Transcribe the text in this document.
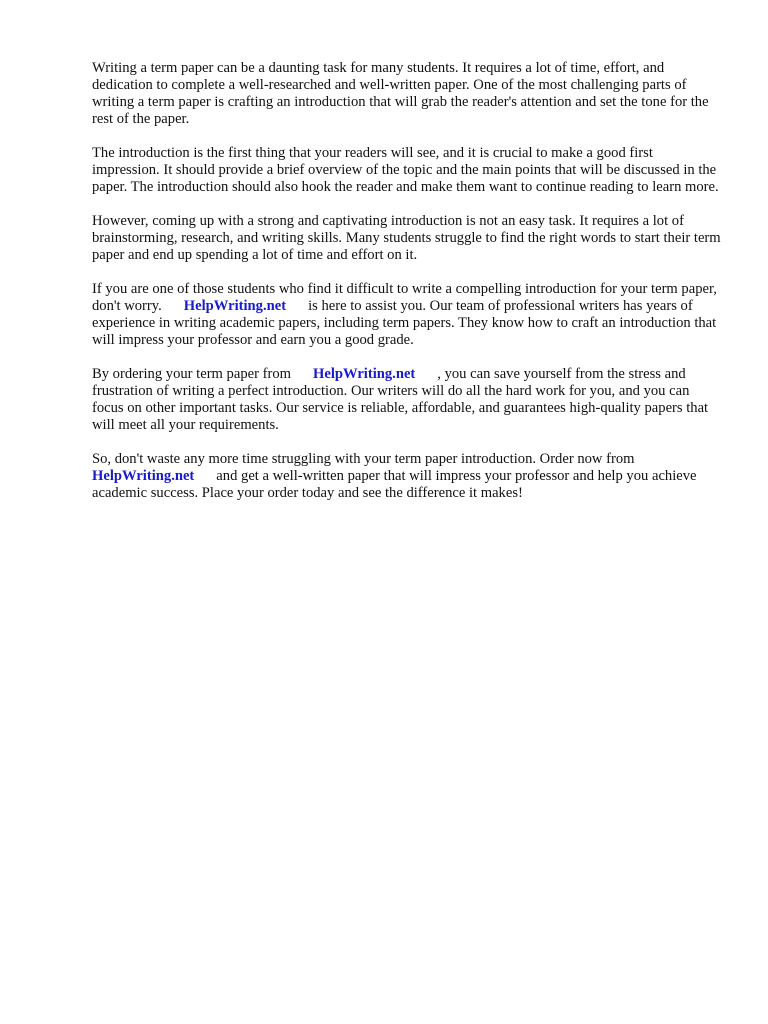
Writing a term paper can be a daunting task for many students. It requires a lot of time, effort, and dedication to complete a well-researched and well-written paper. One of the most challenging parts of writing a term paper is crafting an introduction that will grab the reader's attention and set the tone for the rest of the paper.

The introduction is the first thing that your readers will see, and it is crucial to make a good first impression. It should provide a brief overview of the topic and the main points that will be discussed in the paper. The introduction should also hook the reader and make them want to continue reading to learn more.

However, coming up with a strong and captivating introduction is not an easy task. It requires a lot of brainstorming, research, and writing skills. Many students struggle to find the right words to start their term paper and end up spending a lot of time and effort on it.

If you are one of those students who find it difficult to write a compelling introduction for your term paper, don't worry. HelpWriting.net is here to assist you. Our team of professional writers has years of experience in writing academic papers, including term papers. They know how to craft an introduction that will impress your professor and earn you a good grade.

By ordering your term paper from HelpWriting.net , you can save yourself from the stress and frustration of writing a perfect introduction. Our writers will do all the hard work for you, and you can focus on other important tasks. Our service is reliable, affordable, and guarantees high-quality papers that will meet all your requirements.

So, don't waste any more time struggling with your term paper introduction. Order now from HelpWriting.net and get a well-written paper that will impress your professor and help you achieve academic success. Place your order today and see the difference it makes!
